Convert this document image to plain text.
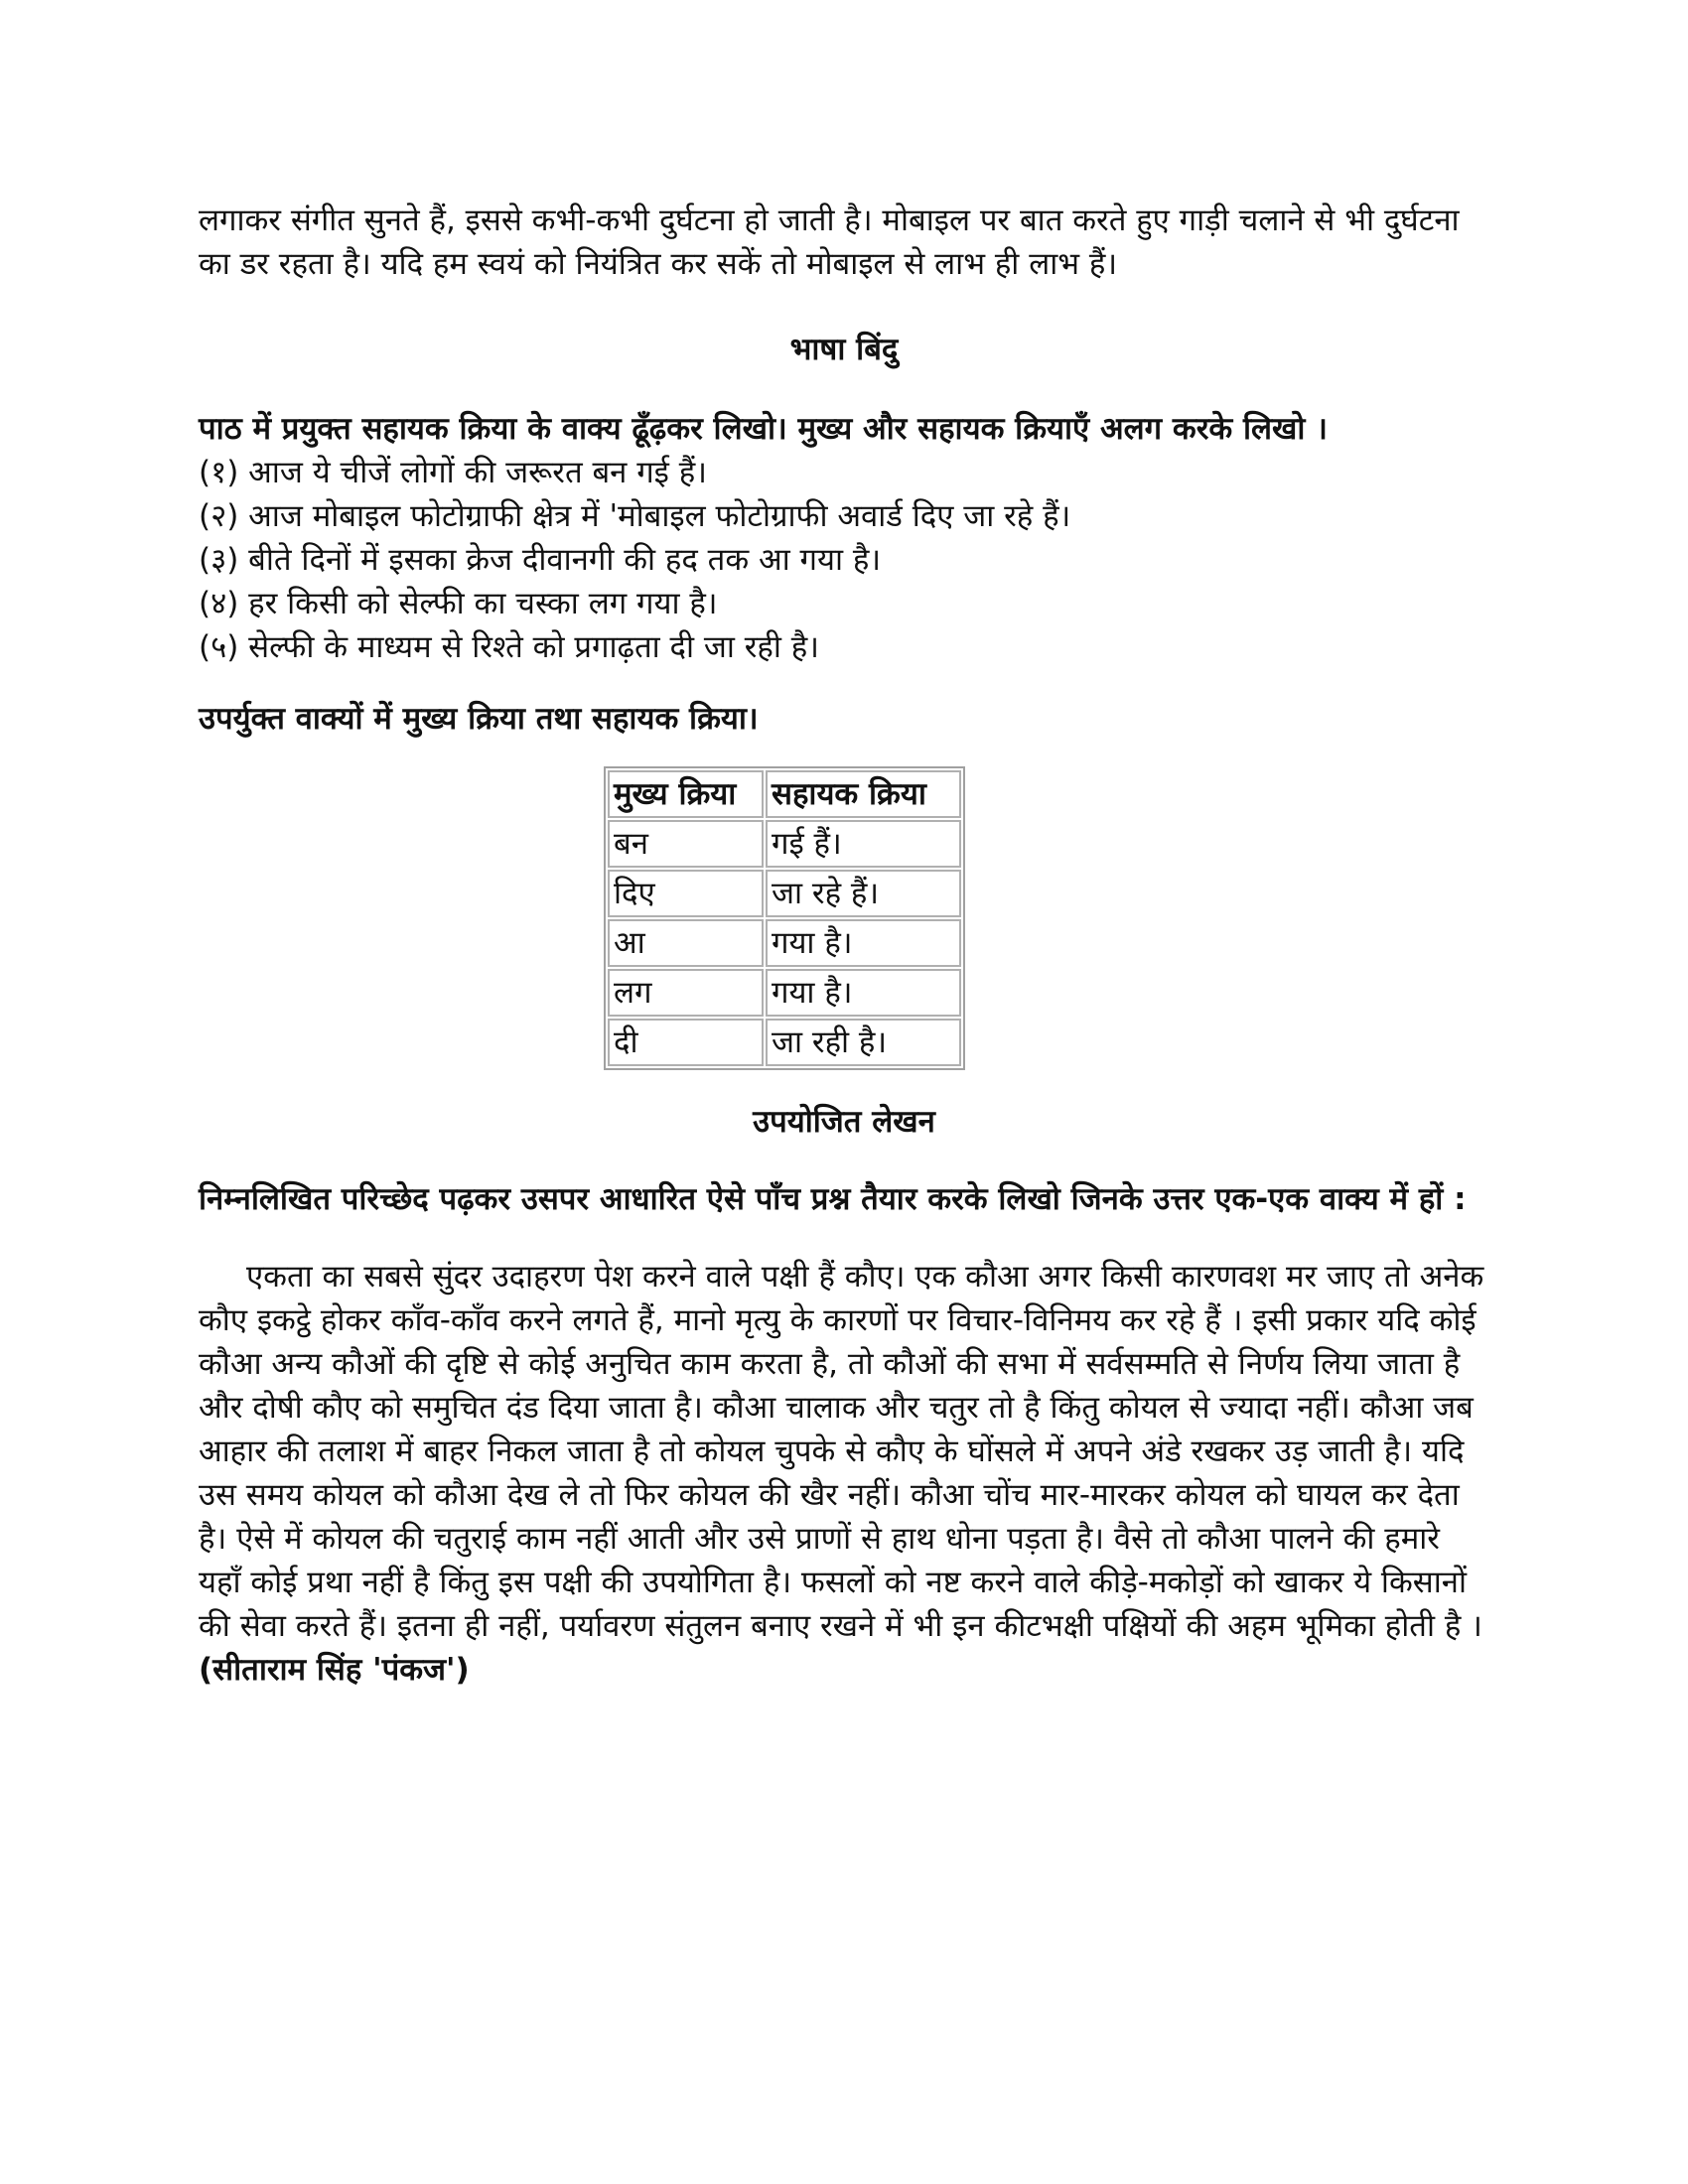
लगाकर संगीत सुनते हैं, इससे कभी-कभी दुर्घटना हो जाती है। मोबाइल पर बात करते हुए गाड़ी चलाने से भी दुर्घटना का डर रहता है। यदि हम स्वयं को नियंत्रित कर सकें तो मोबाइल से लाभ ही लाभ हैं।

भाषा बिंदु

पाठ में प्रयुक्त सहायक क्रिया के वाक्य ढूँढ़कर लिखो। मुख्य और सहायक क्रियाएँ अलग करके लिखो ।

(१) आज ये चीजें लोगों की जरूरत बन गई हैं।
(२) आज मोबाइल फोटोग्राफी क्षेत्र में 'मोबाइल फोटोग्राफी अवार्ड दिए जा रहे हैं।
(३) बीते दिनों में इसका क्रेज दीवानगी की हद तक आ गया है।
(४) हर किसी को सेल्फी का चस्का लग गया है।
(५) सेल्फी के माध्यम से रिश्ते को प्रगाढ़ता दी जा रही है।

उपर्युक्त वाक्यों में मुख्य क्रिया तथा सहायक क्रिया।

मुख्य क्रिया	सहायक क्रिया
बन	गई हैं।
दिए	जा रहे हैं।
आ	गया है।
लग	गया है।
दी	जा रही है।
उपयोजित लेखन

निम्नलिखित परिच्छेद पढ़कर उसपर आधारित ऐसे पाँच प्रश्न तैयार करके लिखो जिनके उत्तर एक-एक वाक्य में हों :

एकता का सबसे सुंदर उदाहरण पेश करने वाले पक्षी हैं कौए। एक कौआ अगर किसी कारणवश मर जाए तो अनेक कौए इकट्ठे होकर काँव-काँव करने लगते हैं, मानो मृत्यु के कारणों पर विचार-विनिमय कर रहे हैं । इसी प्रकार यदि कोई कौआ अन्य कौओं की दृष्टि से कोई अनुचित काम करता है, तो कौओं की सभा में सर्वसम्मति से निर्णय लिया जाता है और दोषी कौए को समुचित दंड दिया जाता है। कौआ चालाक और चतुर तो है किंतु कोयल से ज्यादा नहीं। कौआ जब आहार की तलाश में बाहर निकल जाता है तो कोयल चुपके से कौए के घोंसले में अपने अंडे रखकर उड़ जाती है। यदि उस समय कोयल को कौआ देख ले तो फिर कोयल की खैर नहीं। कौआ चोंच मार-मारकर कोयल को घायल कर देता है। ऐसे में कोयल की चतुराई काम नहीं आती और उसे प्राणों से हाथ धोना पड़ता है। वैसे तो कौआ पालने की हमारे यहाँ कोई प्रथा नहीं है किंतु इस पक्षी की उपयोगिता है। फसलों को नष्ट करने वाले कीड़े-मकोड़ों को खाकर ये किसानों की सेवा करते हैं। इतना ही नहीं, पर्यावरण संतुलन बनाए रखने में भी इन कीटभक्षी पक्षियों की अहम भूमिका होती है ।

(सीताराम सिंह 'पंकज')
